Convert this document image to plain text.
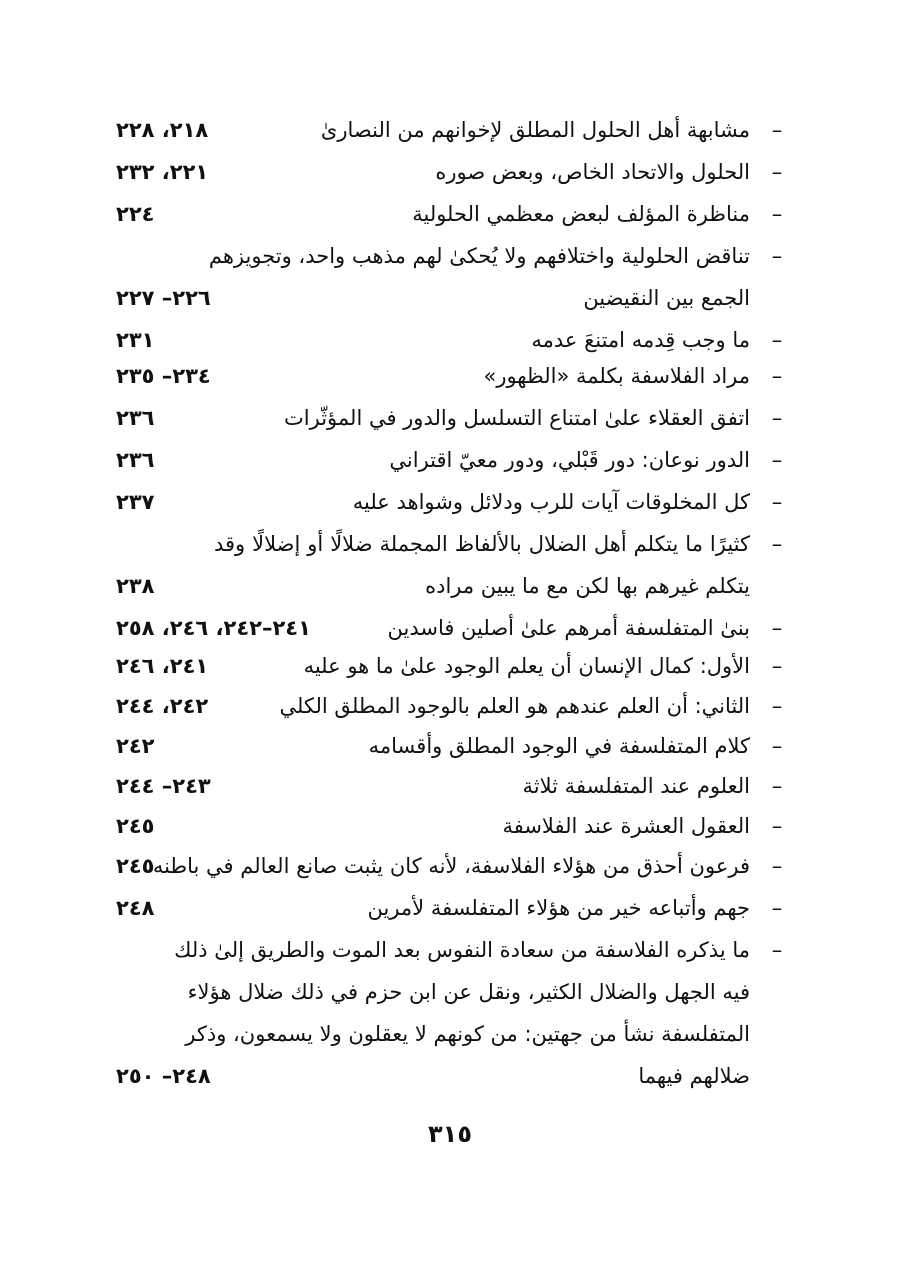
–
مشابهة أهل الحلول المطلق لإخوانهم من النصارىٰ
٢١٨، ٢٢٨
–
الحلول والاتحاد الخاص، وبعض صوره
٢٢١، ٢٣٢
–
مناظرة المؤلف لبعض معظمي الحلولية
٢٢٤
–
تناقض الحلولية واختلافهم ولا يُحكىٰ لهم مذهب واحد، وتجويزهم
الجمع بين النقيضين
٢٢٦– ٢٢٧
–
ما وجب قِدمه امتنعَ عدمه
٢٣١
–
مراد الفلاسفة بكلمة «الظهور»
٢٣٤– ٢٣٥
–
اتفق العقلاء علىٰ امتناع التسلسل والدور في المؤثّرات
٢٣٦
–
الدور نوعان: دور قَبْلي، ودور معيّ اقتراني
٢٣٦
–
كل المخلوقات آيات للرب ودلائل وشواهد عليه
٢٣٧
–
كثيرًا ما يتكلم أهل الضلال بالألفاظ المجملة ضلالًا أو إضلالًا وقد
يتكلم غيرهم بها لكن مع ما يبين مراده
٢٣٨
–
بنىٰ المتفلسفة أمرهم علىٰ أصلين فاسدين
٢٤١–٢٤٢، ٢٤٦، ٢٥٨
–
الأول: كمال الإنسان أن يعلم الوجود علىٰ ما هو عليه
٢٤١، ٢٤٦
–
الثاني: أن العلم عندهم هو العلم بالوجود المطلق الكلي
٢٤٢، ٢٤٤
–
كلام المتفلسفة في الوجود المطلق وأقسامه
٢٤٢
–
العلوم عند المتفلسفة ثلاثة
٢٤٣– ٢٤٤
–
العقول العشرة عند الفلاسفة
٢٤٥
–
فرعون أحذق من هؤلاء الفلاسفة، لأنه كان يثبت صانع العالم في باطنه
٢٤٥
–
جهم وأتباعه خير من هؤلاء المتفلسفة لأمرين
٢٤٨
–
ما يذكره الفلاسفة من سعادة النفوس بعد الموت والطريق إلىٰ ذلك
فيه الجهل والضلال الكثير، ونقل عن ابن حزم في ذلك ضلال هؤلاء
المتفلسفة نشأ من جهتين: من كونهم لا يعقلون ولا يسمعون، وذكر
ضلالهم فيهما
٢٤٨– ٢٥٠
٣١٥
